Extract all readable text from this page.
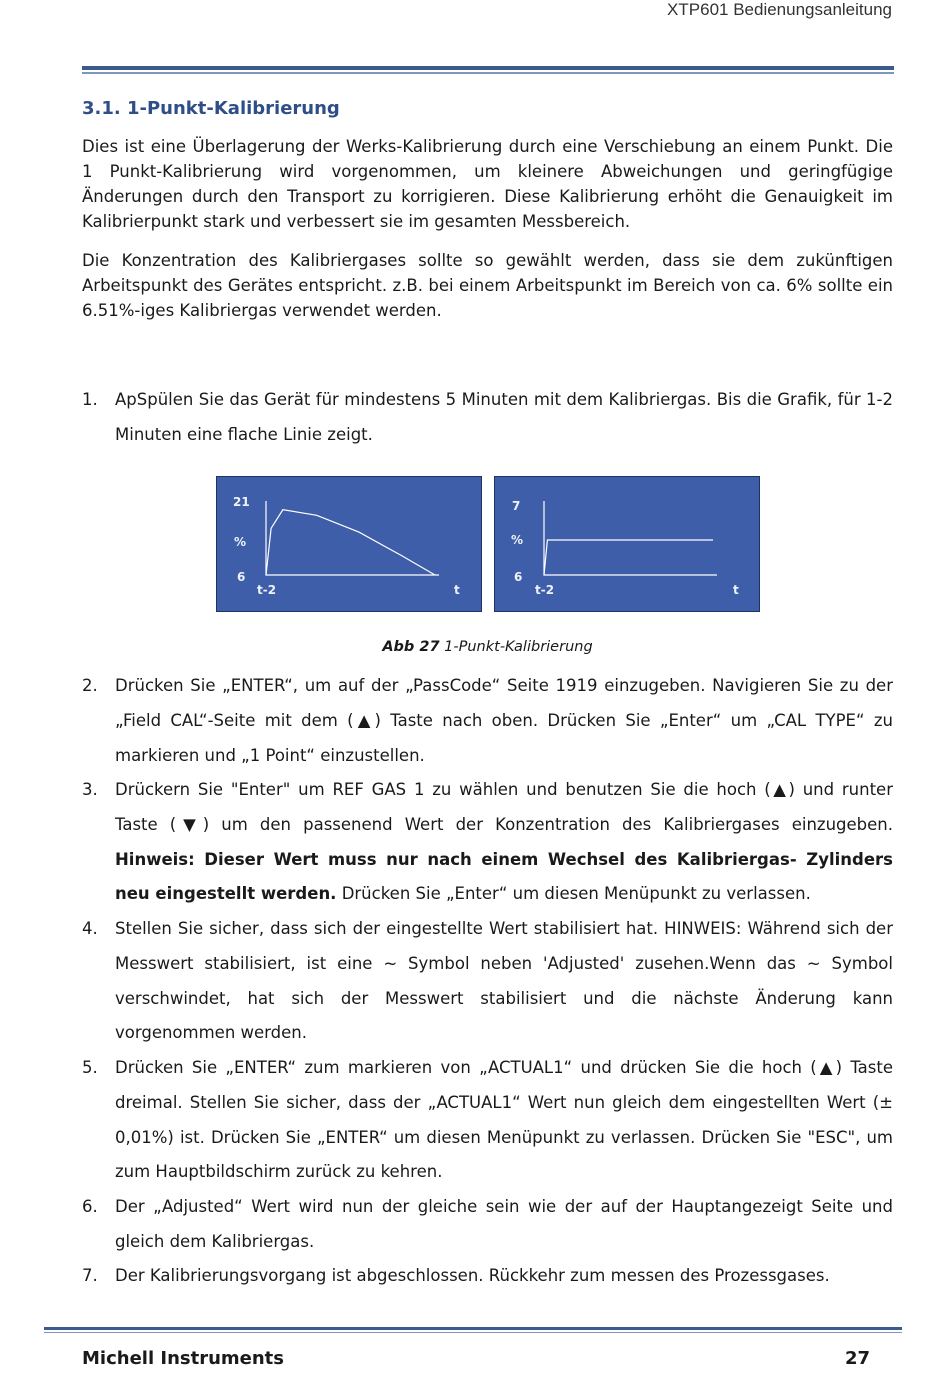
XTP601 Bedienungsanleitung
3.1. 1-Punkt-Kalibrierung
Dies ist eine Überlagerung der Werks-Kalibrierung durch eine Verschiebung an einem Punkt. Die 1 Punkt-Kalibrierung wird vorgenommen, um kleinere Abweichungen und geringfügige Änderungen durch den Transport zu korrigieren. Diese Kalibrierung erhöht die Genauigkeit im Kalibrierpunkt stark und verbessert sie im gesamten Messbereich.
Die Konzentration des Kalibriergases sollte so gewählt werden, dass sie dem zukünftigen Arbeitspunkt des Gerätes entspricht. z.B. bei einem Arbeitspunkt im Bereich von ca. 6% sollte ein 6.51%-iges Kalibriergas verwendet werden.
1.	ApSpülen Sie das Gerät für mindestens 5 Minuten mit dem Kalibriergas. Bis die Grafik, für 1-2 Minuten eine flache Linie zeigt.
21
%
6
t-2	t
7
%
6
t-2	t
Abb 27 1-Punkt-Kalibrierung
2.	Drücken Sie „ENTER“, um auf der „PassCode“ Seite 1919 einzugeben. Navigieren Sie zu der „Field CAL“-Seite mit dem (▲) Taste nach oben. Drücken Sie „Enter“ um „CAL TYPE“ zu markieren und „1 Point“ einzustellen.
3.	Drückern Sie "Enter" um REF GAS 1 zu wählen und benutzen Sie die hoch (▲) und runter Taste (▼) um den passenend Wert der Konzentration des Kalibriergases einzugeben. Hinweis: Dieser Wert muss nur nach einem Wechsel des Kalibriergas- Zylinders neu eingestellt werden. Drücken Sie „Enter“ um diesen Menüpunkt zu verlassen.
4.	Stellen Sie sicher, dass sich der eingestellte Wert stabilisiert hat. HINWEIS: Während sich der Messwert stabilisiert, ist eine ~ Symbol neben 'Adjusted' zusehen.Wenn das ~ Symbol verschwindet, hat sich der Messwert stabilisiert und die nächste Änderung kann vorgenommen werden.
5.	Drücken Sie „ENTER“ zum markieren von „ACTUAL1“ und drücken Sie die hoch (▲) Taste dreimal. Stellen Sie sicher, dass der „ACTUAL1“ Wert nun gleich dem eingestellten Wert (± 0,01%) ist. Drücken Sie „ENTER“ um diesen Menüpunkt zu verlassen. Drücken Sie "ESC", um zum Hauptbildschirm zurück zu kehren.
6.	Der „Adjusted“ Wert wird nun der gleiche sein wie der auf der Hauptangezeigt Seite und gleich dem Kalibriergas.
7.	Der Kalibrierungsvorgang ist abgeschlossen. Rückkehr zum messen des Prozessgases.
Michell Instruments	27
